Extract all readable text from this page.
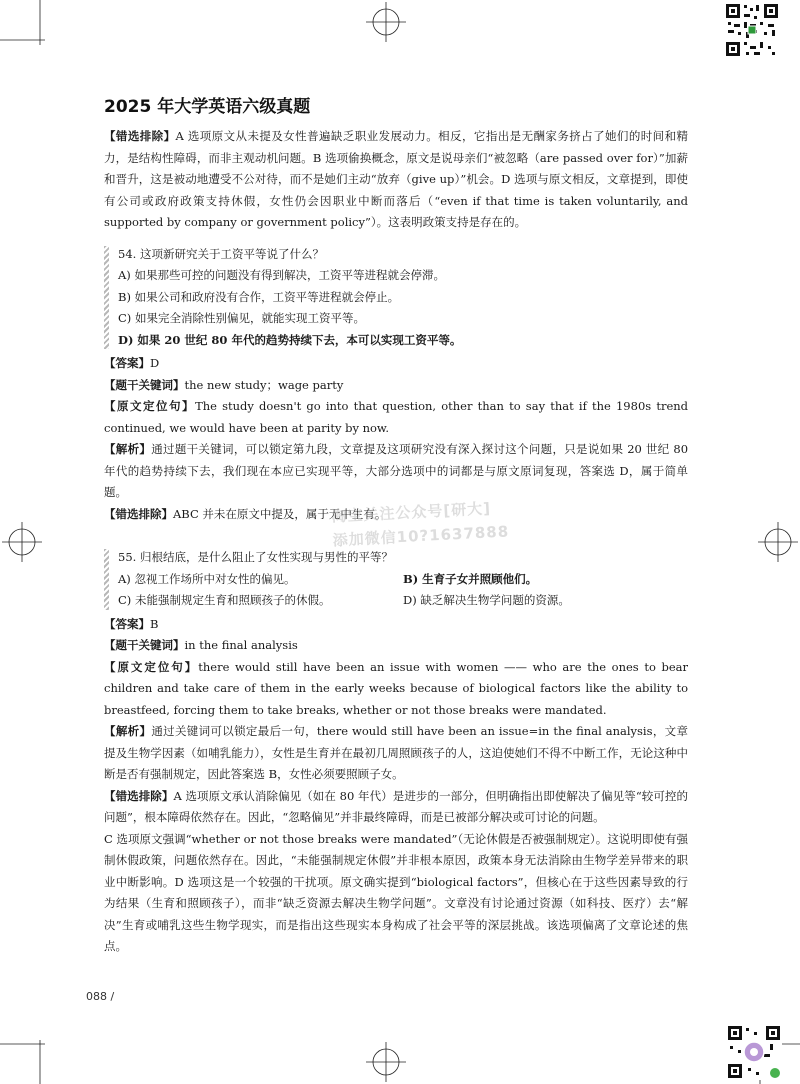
2025 年大学英语六级真题

【错选排除】A 选项原文从未提及女性普遍缺乏职业发展动力。相反，它指出是无酬家务挤占了她们的时间和精力，是结构性障碍，而非主观动机问题。B 选项偷换概念，原文是说母亲们“被忽略（are passed over for）”加薪和晋升，这是被动地遭受不公对待，而不是她们主动“放弃（give up）”机会。D 选项与原文相反，文章提到，即使有公司或政府政策支持休假，女性仍会因职业中断而落后（“even if that time is taken voluntarily, and supported by company or government policy”）。这表明政策支持是存在的。

54. 这项新研究关于工资平等说了什么？

A) 如果那些可控的问题没有得到解决，工资平等进程就会停滞。

B) 如果公司和政府没有合作，工资平等进程就会停止。

C) 如果完全消除性别偏见，就能实现工资平等。

D) 如果 20 世纪 80 年代的趋势持续下去，本可以实现工资平等。

【答案】D

【题干关键词】the new study；wage party

【原文定位句】The study doesn't go into that question, other than to say that if the 1980s trend continued, we would have been at parity by now.

【解析】通过题干关键词，可以锁定第九段，文章提及这项研究没有深入探讨这个问题，只是说如果 20 世纪 80 年代的趋势持续下去，我们现在本应已实现平等，大部分选项中的词都是与原文原词复现，答案选 D，属于简单题。

【错选排除】ABC 并未在原文中提及，属于无中生有。

55. 归根结底，是什么阻止了女性实现与男性的平等？

A) 忽视工作场所中对女性的偏见。	B) 生育子女并照顾他们。
C) 未能强制规定生育和照顾孩子的休假。	D) 缺乏解决生物学问题的资源。

【答案】B

【题干关键词】in the final analysis

【原文定位句】there would still have been an issue with women —— who are the ones to bear children and take care of them in the early weeks because of biological factors like the ability to breastfeed, forcing them to take breaks, whether or not those breaks were mandated.

【解析】通过关键词可以锁定最后一句，there would still have been an issue=in the final analysis，文章提及生物学因素（如哺乳能力），女性是生育并在最初几周照顾孩子的人，这迫使她们不得不中断工作，无论这种中断是否有强制规定，因此答案选 B，女性必须要照顾子女。

【错选排除】A 选项原文承认消除偏见（如在 80 年代）是进步的一部分，但明确指出即使解决了偏见等“较可控的问题”，根本障碍依然存在。因此，“忽略偏见”并非最终障碍，而是已被部分解决或可讨论的问题。

C 选项原文强调“whether or not those breaks were mandated”（无论休假是否被强制规定）。这说明即使有强制休假政策，问题依然存在。因此，“未能强制规定休假”并非根本原因，政策本身无法消除由生物学差异带来的职业中断影响。D 选项这是一个较强的干扰项。原文确实提到“biological factors”，但核心在于这些因素导致的行为结果（生育和照顾孩子），而非“缺乏资源去解决生物学问题”。文章没有讨论通过资源（如科技、医疗）去“解决”生育或哺乳这些生物学现实，而是指出这些现实本身构成了社会平等的深层挑战。该选项偏离了文章论述的焦点。

淘宝关注公众号[研大]
添加微信10?1637888
088 /
